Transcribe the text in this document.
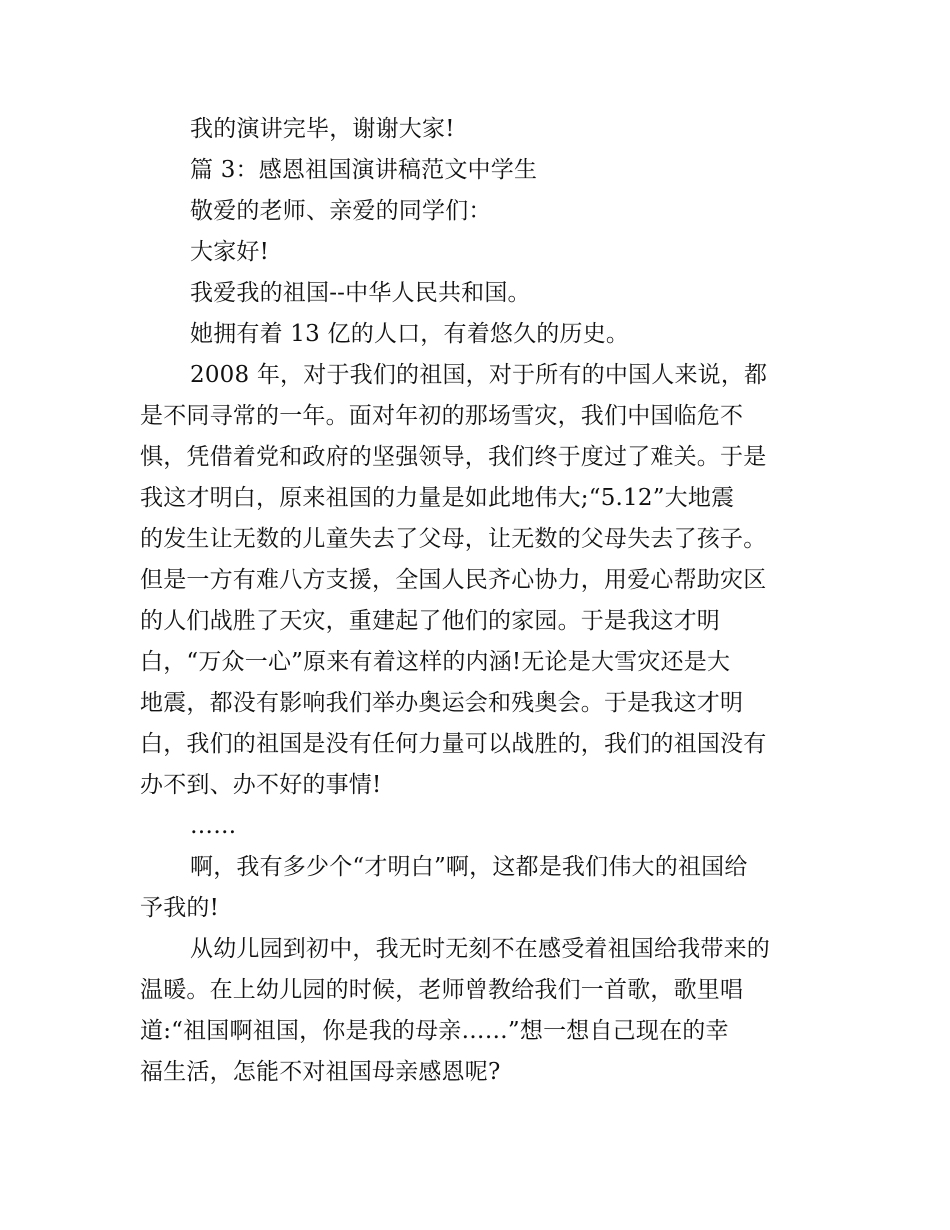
我的演讲完毕，谢谢大家!
篇 3：感恩祖国演讲稿范文中学生
敬爱的老师、亲爱的同学们：
大家好!
我爱我的祖国--中华人民共和国。
她拥有着 13 亿的人口，有着悠久的历史。
2008 年，对于我们的祖国，对于所有的中国人来说，都
是不同寻常的一年。面对年初的那场雪灾，我们中国临危不
惧，凭借着党和政府的坚强领导，我们终于度过了难关。于是
我这才明白，原来祖国的力量是如此地伟大;“5.12”大地震
的发生让无数的儿童失去了父母，让无数的父母失去了孩子。
但是一方有难八方支援，全国人民齐心协力，用爱心帮助灾区
的人们战胜了天灾，重建起了他们的家园。于是我这才明
白，“万众一心”原来有着这样的内涵!无论是大雪灾还是大
地震，都没有影响我们举办奥运会和残奥会。于是我这才明
白，我们的祖国是没有任何力量可以战胜的，我们的祖国没有
办不到、办不好的事情!
……
啊，我有多少个“才明白”啊，这都是我们伟大的祖国给
予我的!
从幼儿园到初中，我无时无刻不在感受着祖国给我带来的
温暖。在上幼儿园的时候，老师曾教给我们一首歌，歌里唱
道:“祖国啊祖国，你是我的母亲……”想一想自己现在的幸
福生活，怎能不对祖国母亲感恩呢?
